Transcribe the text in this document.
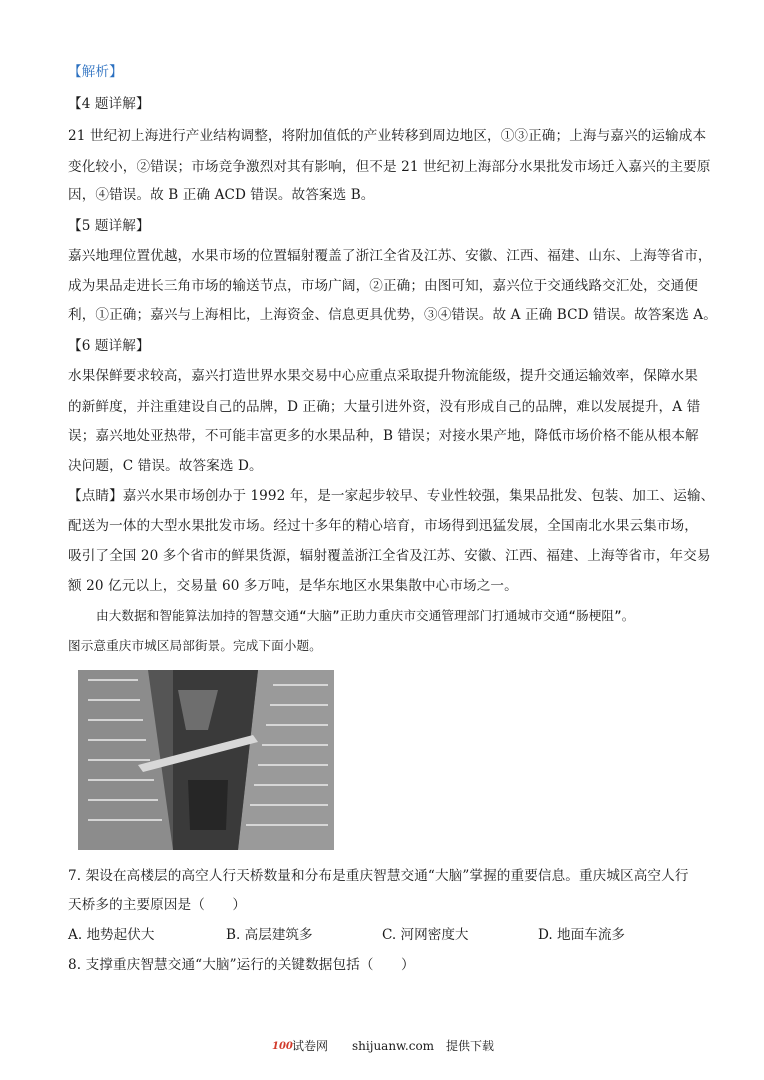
【解析】
【4 题详解】
21 世纪初上海进行产业结构调整，将附加值低的产业转移到周边地区，①③正确；上海与嘉兴的运输成本
变化较小，②错误；市场竞争激烈对其有影响，但不是 21 世纪初上海部分水果批发市场迁入嘉兴的主要原
因，④错误。故 B 正确 ACD 错误。故答案选 B。
【5 题详解】
嘉兴地理位置优越，水果市场的位置辐射覆盖了浙江全省及江苏、安徽、江西、福建、山东、上海等省市，
成为果品走进长三角市场的输送节点，市场广阔，②正确；由图可知，嘉兴位于交通线路交汇处，交通便
利，①正确；嘉兴与上海相比，上海资金、信息更具优势，③④错误。故 A 正确 BCD 错误。故答案选 A。
【6 题详解】
水果保鲜要求较高，嘉兴打造世界水果交易中心应重点采取提升物流能级，提升交通运输效率，保障水果
的新鲜度，并注重建设自己的品牌，D 正确；大量引进外资，没有形成自己的品牌，难以发展提升，A 错
误；嘉兴地处亚热带，不可能丰富更多的水果品种，B 错误；对接水果产地，降低市场价格不能从根本解
决问题，C 错误。故答案选 D。
【点睛】嘉兴水果市场创办于 1992 年，是一家起步较早、专业性较强，集果品批发、包装、加工、运输、
配送为一体的大型水果批发市场。经过十多年的精心培育，市场得到迅猛发展，全国南北水果云集市场，
吸引了全国 20 多个省市的鲜果货源，辐射覆盖浙江全省及江苏、安徽、江西、福建、上海等省市，年交易
额 20 亿元以上，交易量 60 多万吨，是华东地区水果集散中心市场之一。
由大数据和智能算法加持的智慧交通“大脑”正助力重庆市交通管理部门打通城市交通“肠梗阻”。
图示意重庆市城区局部街景。完成下面小题。
7. 架设在高楼层的高空人行天桥数量和分布是重庆智慧交通“大脑”掌握的重要信息。重庆城区高空人行
天桥多的主要原因是（　　）
A. 地势起伏大	B. 高层建筑多	C. 河网密度大	D. 地面车流多
8. 支撑重庆智慧交通“大脑”运行的关键数据包括（　　）
100 试卷网 shijuanw.com 提供下载
